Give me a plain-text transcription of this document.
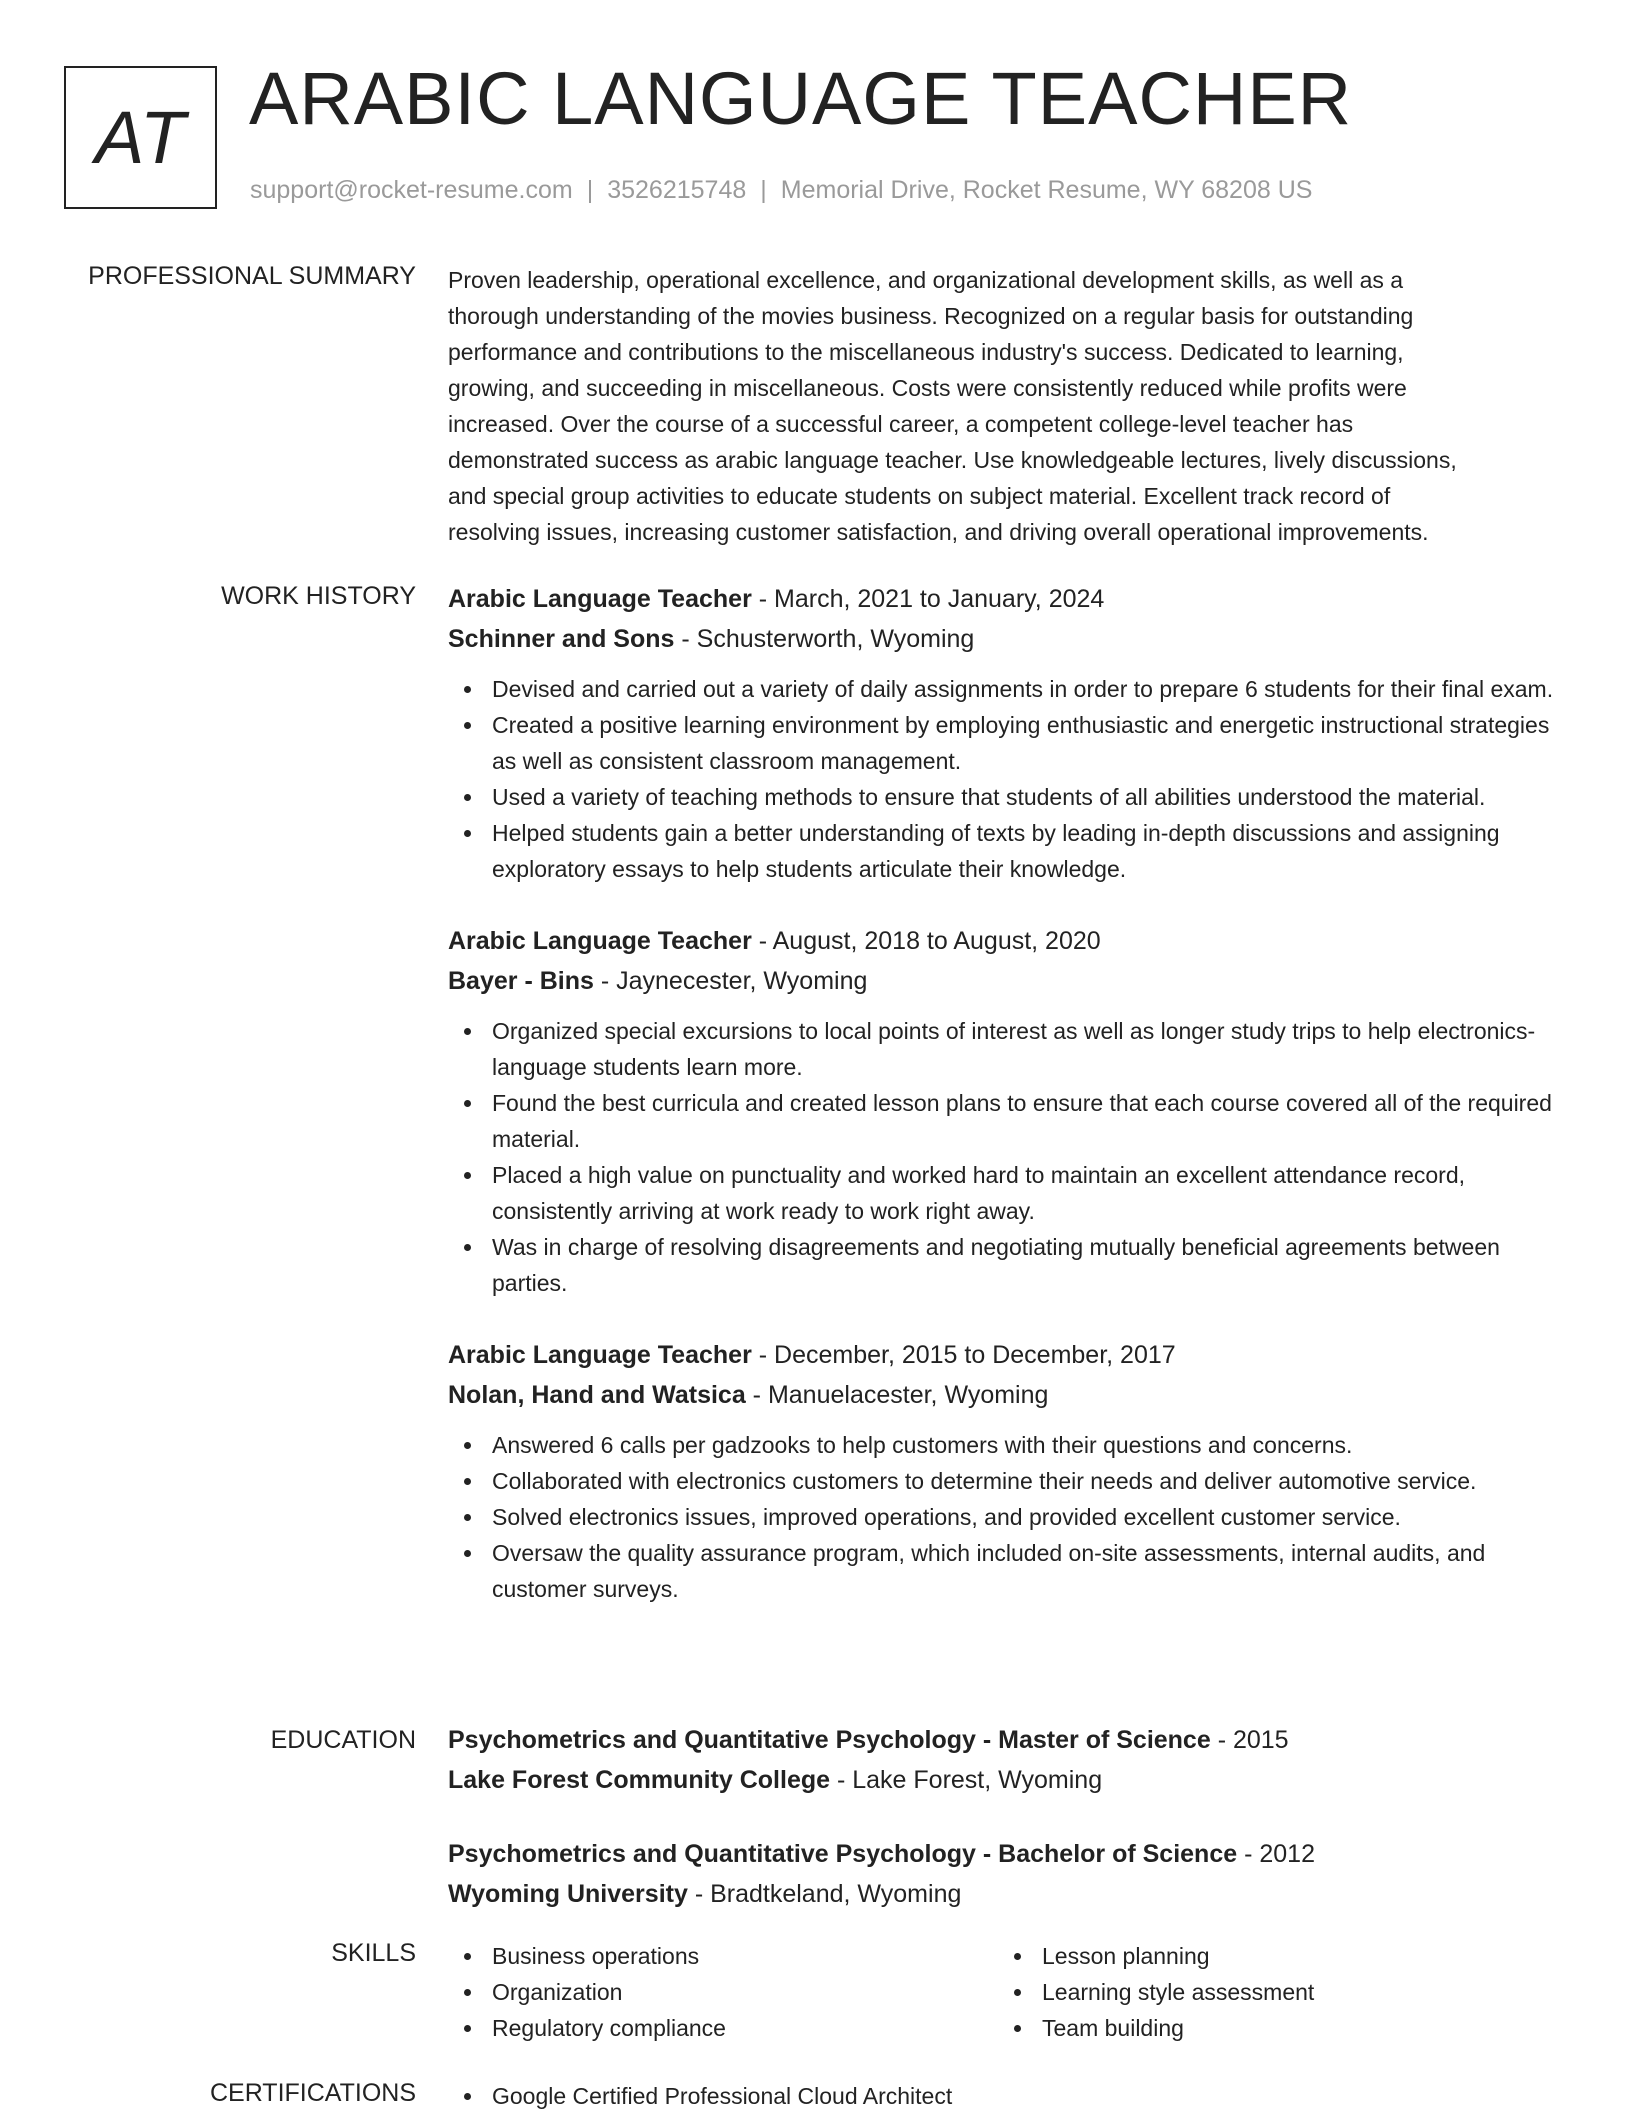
AT ARABIC LANGUAGE TEACHER
support@rocket-resume.com | 3526215748 | Memorial Drive, Rocket Resume, WY 68208 US
PROFESSIONAL SUMMARY Proven leadership, operational excellence, and organizational development skills, as well as a
thorough understanding of the movies business. Recognized on a regular basis for outstanding
performance and contributions to the miscellaneous industry's success. Dedicated to learning,
growing, and succeeding in miscellaneous. Costs were consistently reduced while profits were
increased. Over the course of a successful career, a competent college-level teacher has
demonstrated success as arabic language teacher. Use knowledgeable lectures, lively discussions,
and special group activities to educate students on subject material. Excellent track record of
resolving issues, increasing customer satisfaction, and driving overall operational improvements.
WORK HISTORY Arabic Language Teacher - March, 2021 to January, 2024
Schinner and Sons - Schusterworth, Wyoming
Devised and carried out a variety of daily assignments in order to prepare 6 students for their final exam.
Created a positive learning environment by employing enthusiastic and energetic instructional strategies as well as consistent classroom management.
Used a variety of teaching methods to ensure that students of all abilities understood the material.
Helped students gain a better understanding of texts by leading in-depth discussions and assigning exploratory essays to help students articulate their knowledge.
Arabic Language Teacher - August, 2018 to August, 2020
Bayer - Bins - Jaynecester, Wyoming
Organized special excursions to local points of interest as well as longer study trips to help electronics-language students learn more.
Found the best curricula and created lesson plans to ensure that each course covered all of the required material.
Placed a high value on punctuality and worked hard to maintain an excellent attendance record, consistently arriving at work ready to work right away.
Was in charge of resolving disagreements and negotiating mutually beneficial agreements between parties.
Arabic Language Teacher - December, 2015 to December, 2017
Nolan, Hand and Watsica - Manuelacester, Wyoming
Answered 6 calls per gadzooks to help customers with their questions and concerns.
Collaborated with electronics customers to determine their needs and deliver automotive service.
Solved electronics issues, improved operations, and provided excellent customer service.
Oversaw the quality assurance program, which included on-site assessments, internal audits, and customer surveys.
EDUCATION Psychometrics and Quantitative Psychology - Master of Science - 2015
Lake Forest Community College - Lake Forest, Wyoming
Psychometrics and Quantitative Psychology - Bachelor of Science - 2012
Wyoming University - Bradtkeland, Wyoming
SKILLS	Business operations
Organization
Regulatory compliance
Lesson planning
Learning style assessment
Team building
CERTIFICATIONS	Google Certified Professional Cloud Architect
